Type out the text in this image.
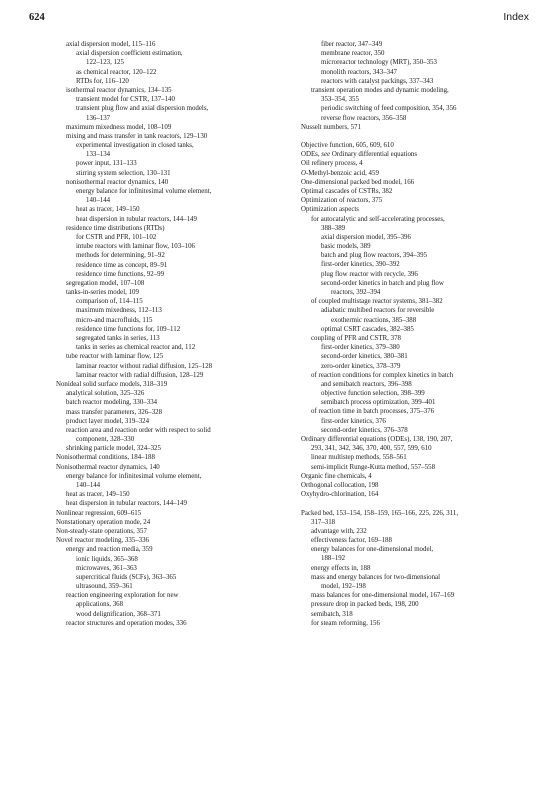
624	Index
axial dispersion model, 115–116
axial dispersion coefficient estimation,
122–123, 125
as chemical reactor, 120–122
RTDs for, 116–120
isothermal reactor dynamics, 134–135
transient model for CSTR, 137–140
transient plug flow and axial dispersion models,
136–137
maximum mixedness model, 108–109
mixing and mass transfer in tank reactors, 129–130
experimental investigation in closed tanks,
133–134
power input, 131–133
stirring system selection, 130–131
nonisothermal reactor dynamics, 140
energy balance for infinitesimal volume element,
140–144
heat as tracer, 149–150
heat dispersion in tubular reactors, 144–149
residence time distributions (RTDs)
for CSTR and PFR, 101–102
intube reactors with laminar flow, 103–106
methods for determining, 91–92
residence time as concept, 89–91
residence time functions, 92–99
segregation model, 107–108
tanks-in-series model, 109
comparison of, 114–115
maximum mixedness, 112–113
micro-and macrofluids, 115
residence time functions for, 109–112
segregated tanks in series, 113
tanks in series as chemical reactor and, 112
tube reactor with laminar flow, 125
laminar reactor without radial diffusion, 125–128
laminar reactor with radial diffusion, 128–129
Nonideal solid surface models, 318–319
analytical solution, 325–326
batch reactor modeling, 330–334
mass transfer parameters, 326–328
product layer model, 319–324
reaction area and reaction order with respect to solid
component, 328–330
shrinking particle model, 324–325
Nonisothermal conditions, 184–188
Nonisothermal reactor dynamics, 140
energy balance for infinitesimal volume element,
140–144
heat as tracer, 149–150
heat dispersion in tubular reactors, 144–149
Nonlinear regression, 609–615
Nonstationary operation mode, 24
Non-steady-state operations, 357
Novel reactor modeling, 335–336
energy and reaction media, 359
ionic liquids, 365–368
microwaves, 361–363
supercritical fluids (SCFs), 363–365
ultrasound, 359–361
reaction engineering exploration for new
applications, 368
wood delignification, 368–371
reactor structures and operation modes, 336
fiber reactor, 347–349
membrane reactor, 350
microreactor technology (MRT), 350–353
monolith reactors, 343–347
reactors with catalyst packings, 337–343
transient operation modes and dynamic modeling,
353–354, 355
periodic switching of feed composition, 354, 356
reverse flow reactors, 356–358
Nusselt numbers, 571
Objective function, 605, 609, 610
ODEs, see Ordinary differential equations
Oil refinery process, 4
O-Methyl-benzoic acid, 459
One-dimensional packed bed model, 166
Optimal cascades of CSTRs, 382
Optimization of reactors, 375
Optimization aspects
for autocatalytic and self-accelerating processes,
388–389
axial dispersion model, 395–396
basic models, 389
batch and plug flow reactors, 394–395
first-order kinetics, 390–392
plug flow reactor with recycle, 396
second-order kinetics in batch and plug flow
reactors, 392–394
of coupled multistage reactor systems, 381–382
adiabatic multibed reactors for reversible
exothermic reactions, 385–388
optimal CSRT cascades, 382–385
coupling of PFR and CSTR, 378
first-order kinetics, 379–380
second-order kinetics, 380–381
zero-order kinetics, 378–379
of reaction conditions for complex kinetics in batch
and semibatch reactors, 396–398
objective function selection, 398–399
semibatch process optimization, 399–401
of reaction time in batch processes, 375–376
first-order kinetics, 376
second-order kinetics, 376–378
Ordinary differential equations (ODEs), 138, 190, 207,
293, 341, 342, 346, 370, 400, 557, 599, 610
linear multistep methods, 558–561
semi-implicit Runge-Kutta method, 557–558
Organic fine chemicals, 4
Orthogonal collocation, 198
Oxyhydro-chlorination, 164
Packed bed, 153–154, 158–159, 165–166, 225, 226, 311,
317–318
advantage with, 232
effectiveness factor, 169–188
energy balances for one-dimensional model,
188–192
energy effects in, 188
mass and energy balances for two-dimensional
model, 192–198
mass balances for one-dimensional model, 167–169
pressure drop in packed beds, 198, 200
semibatch, 318
for steam reforming, 156
